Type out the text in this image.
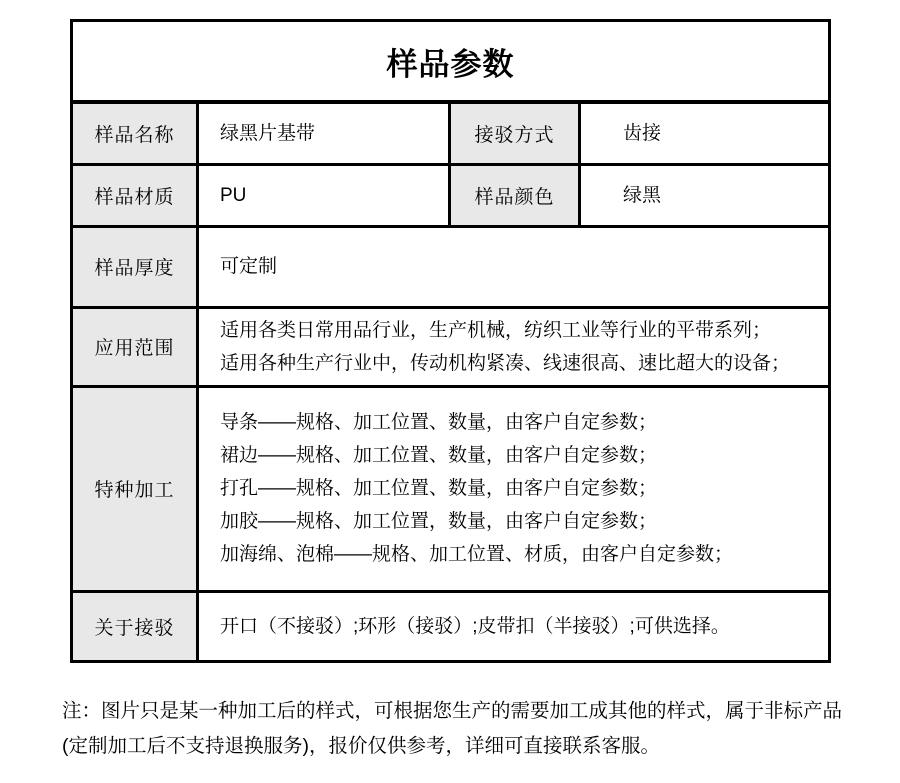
样品参数			
样品名称	绿黑片基带	接驳方式	齿接
样品材质	PU	样品颜色	绿黑
样品厚度	可定制		
应用范围	适用各类日常用品行业，生产机械，纺织工业等行业的平带系列；
适用各种生产行业中，传动机构紧凑、线速很高、速比超大的设备；		

特种加工	导条——规格、加工位置、数量，由客户自定参数；
裙边——规格、加工位置、数量，由客户自定参数；
打孔——规格、加工位置、数量，由客户自定参数；
加胶——规格、加工位置，数量，由客户自定参数；
加海绵、泡棉——规格、加工位置、材质，由客户自定参数；		

关于接驳	开口（不接驳）;环形（接驳）;皮带扣（半接驳）;可供选择。		

注：图片只是某一种加工后的样式，可根据您生产的需要加工成其他的样式，属于非标产品(定制加工后不支持退换服务)，报价仅供参考，详细可直接联系客服。
